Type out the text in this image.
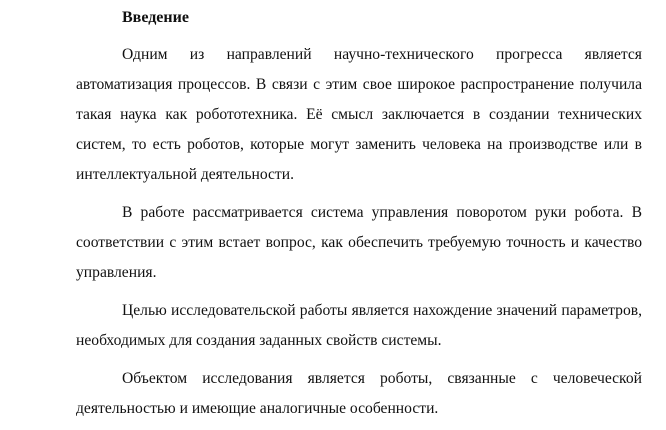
Введение

Одним из направлений научно-технического прогресса является автоматизация процессов. В связи с этим свое широкое распространение получила такая наука как робототехника. Её смысл заключается в создании технических систем, то есть роботов, которые могут заменить человека на производстве или в интеллектуальной деятельности.

В работе рассматривается система управления поворотом руки робота. В соответствии с этим встает вопрос, как обеспечить требуемую точность и качество управления.

Целью исследовательской работы является нахождение значений параметров, необходимых для создания заданных свойств системы.

Объектом исследования является роботы, связанные с человеческой деятельностью и имеющие аналогичные особенности.
